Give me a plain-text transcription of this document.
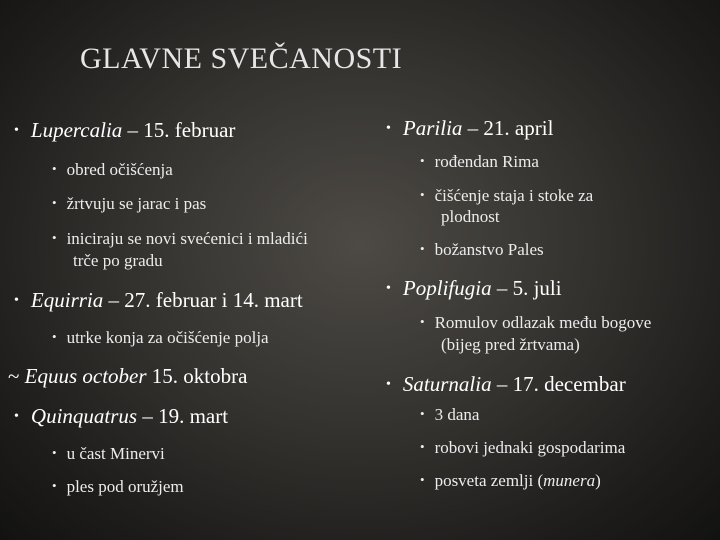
GLAVNE SVEČANOSTI
• Lupercalia – 15. februar
• obred očišćenja
• žrtvuju se jarac i pas
• iniciraju se novi svećenici i mladići
trče po gradu
• Equirria – 27. februar i 14. mart
• utrke konja za očišćenje polja
~ Equus october 15. oktobra
• Quinquatrus – 19. mart
• u čast Minervi
• ples pod oružjem
• Parilia – 21. april
• rođendan Rima
• čišćenje staja i stoke za
plodnost
• božanstvo Pales
• Poplifugia – 5. juli
• Romulov odlazak među bogove
(bijeg pred žrtvama)
• Saturnalia – 17. decembar
• 3 dana
• robovi jednaki gospodarima
• posveta zemlji (munera)
